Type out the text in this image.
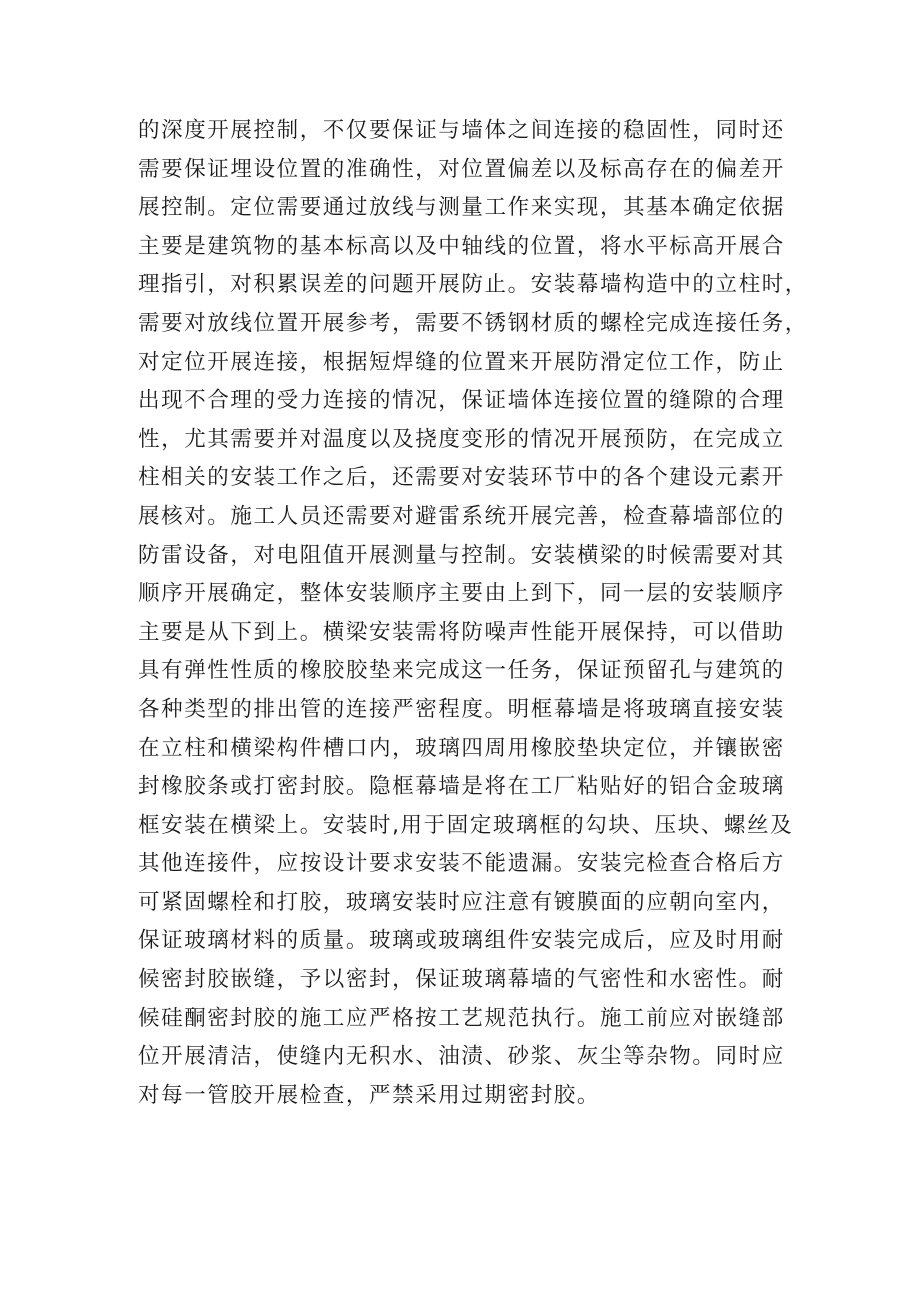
的深度开展控制，不仅要保证与墙体之间连接的稳固性，同时还
需要保证埋设位置的准确性，对位置偏差以及标高存在的偏差开
展控制。定位需要通过放线与测量工作来实现，其基本确定依据
主要是建筑物的基本标高以及中轴线的位置，将水平标高开展合
理指引，对积累误差的问题开展防止。安装幕墙构造中的立柱时，
需要对放线位置开展参考，需要不锈钢材质的螺栓完成连接任务，
对定位开展连接，根据短焊缝的位置来开展防滑定位工作，防止
出现不合理的受力连接的情况，保证墙体连接位置的缝隙的合理
性，尤其需要并对温度以及挠度变形的情况开展预防，在完成立
柱相关的安装工作之后，还需要对安装环节中的各个建设元素开
展核对。施工人员还需要对避雷系统开展完善，检查幕墙部位的
防雷设备，对电阻值开展测量与控制。安装横梁的时候需要对其
顺序开展确定，整体安装顺序主要由上到下，同一层的安装顺序
主要是从下到上。横梁安装需将防噪声性能开展保持，可以借助
具有弹性性质的橡胶胶垫来完成这一任务，保证预留孔与建筑的
各种类型的排出管的连接严密程度。明框幕墙是将玻璃直接安装
在立柱和横梁构件槽口内，玻璃四周用橡胶垫块定位，并镶嵌密
封橡胶条或打密封胶。隐框幕墙是将在工厂粘贴好的铝合金玻璃
框安装在横梁上。安装时,用于固定玻璃框的勾块、压块、螺丝及
其他连接件，应按设计要求安装不能遗漏。安装完检查合格后方
可紧固螺栓和打胶，玻璃安装时应注意有镀膜面的应朝向室内，
保证玻璃材料的质量。玻璃或玻璃组件安装完成后，应及时用耐
候密封胶嵌缝，予以密封，保证玻璃幕墙的气密性和水密性。耐
候硅酮密封胶的施工应严格按工艺规范执行。施工前应对嵌缝部
位开展清洁，使缝内无积水、油渍、砂浆、灰尘等杂物。同时应
对每一管胶开展检查，严禁采用过期密封胶。
